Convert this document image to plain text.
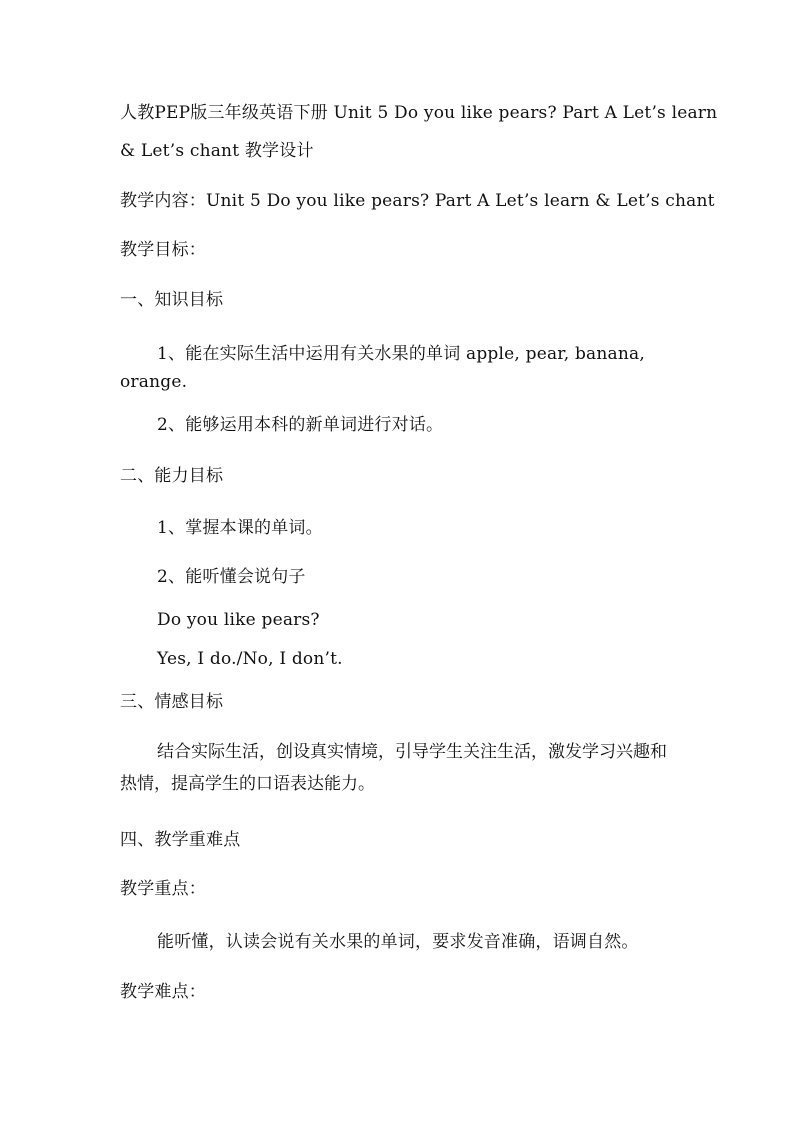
人教PEP版三年级英语下册 Unit 5 Do you like pears? Part A Let’s learn
& Let’s chant 教学设计
教学内容：Unit 5 Do you like pears? Part A Let’s learn & Let’s chant
教学目标：
一、知识目标
1、能在实际生活中运用有关水果的单词 apple, pear, banana,
orange.
2、能够运用本科的新单词进行对话。
二、能力目标
1、掌握本课的单词。
2、能听懂会说句子
Do you like pears?
Yes, I do./No, I don’t.
三、情感目标
结合实际生活，创设真实情境，引导学生关注生活，激发学习兴趣和热情，提高学生的口语表达能力。
四、教学重难点
教学重点：
能听懂，认读会说有关水果的单词，要求发音准确，语调自然。
教学难点：
